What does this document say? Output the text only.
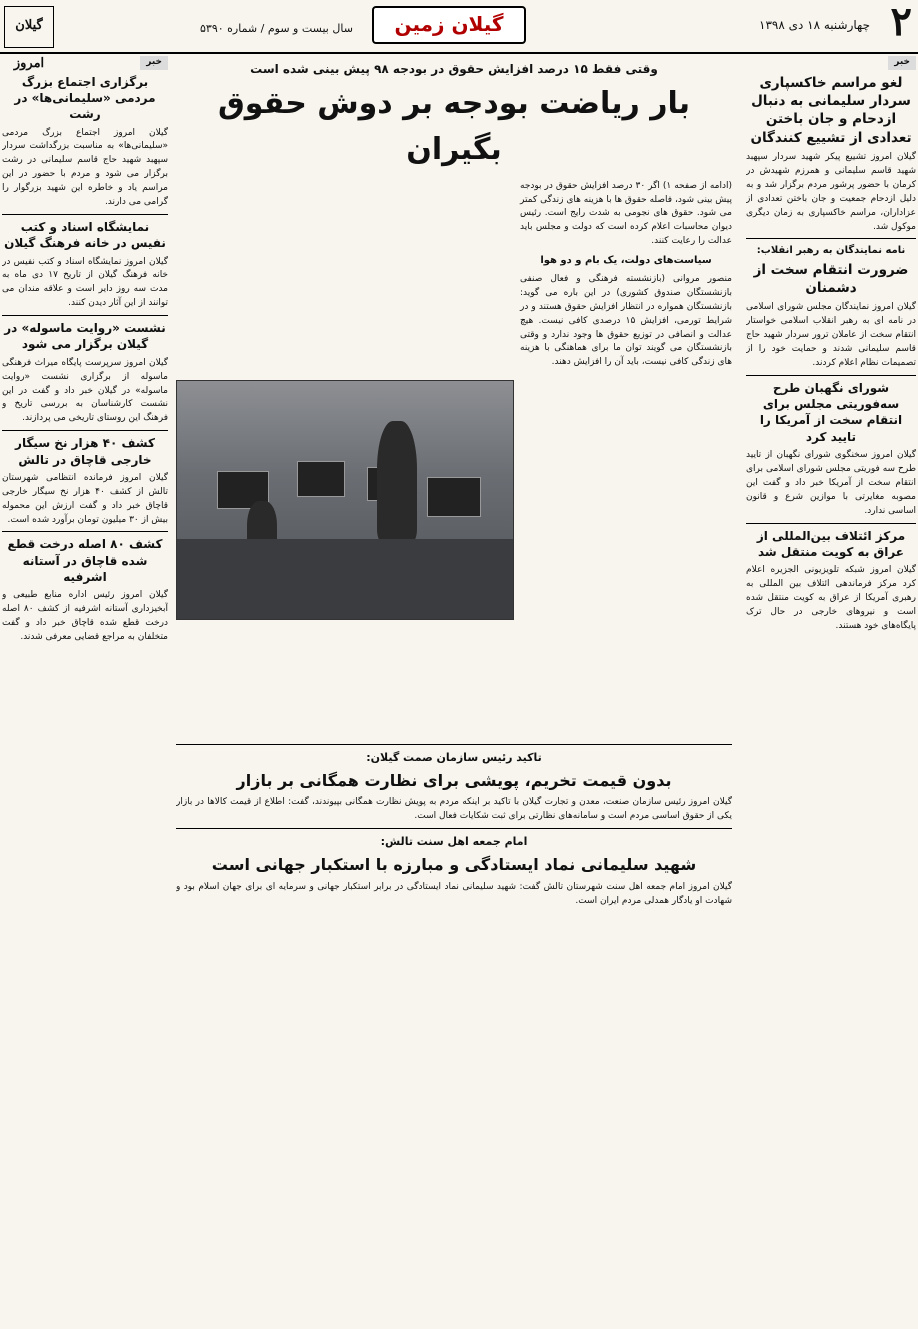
۲
چهارشنبه ۱۸ دی ۱۳۹۸
گیلان زمین
سال بیست و سوم / شماره ۵۳۹۰
گیلان امروز	خبر
لغو مراسم خاکسپاری سردار سلیمانی به دنبال ازدحام و جان باختن تعدادی از تشییع کنندگان

گیلان امروز تشییع پیکر شهید سردار سپهبد شهید قاسم سلیمانی و همرزم شهیدش در کرمان با حضور پرشور مردم برگزار شد و به دلیل ازدحام جمعیت و جان باختن تعدادی از عزاداران، مراسم خاکسپاری به زمان دیگری موکول شد.

نامه نمایندگان به رهبر انقلاب:
ضرورت انتقام سخت از دشمنان

گیلان امروز نمایندگان مجلس شورای اسلامی در نامه ای به رهبر انقلاب اسلامی خواستار انتقام سخت از عاملان ترور سردار شهید حاج قاسم سلیمانی شدند و حمایت خود را از تصمیمات نظام اعلام کردند.

شورای نگهبان طرح سه‌فوریتی مجلس برای انتقام سخت از آمریکا را تایید کرد

گیلان امروز سخنگوی شورای نگهبان از تایید طرح سه فوریتی مجلس شورای اسلامی برای انتقام سخت از آمریکا خبر داد و گفت این مصوبه مغایرتی با موازین شرع و قانون اساسی ندارد.

مرکز ائتلاف بین‌المللی از عراق به کویت منتقل شد

گیلان امروز شبکه تلویزیونی الجزیره اعلام کرد مرکز فرماندهی ائتلاف بین المللی به رهبری آمریکا از عراق به کویت منتقل شده است و نیروهای خارجی در حال ترک پایگاه‌های خود هستند.

خبر
برگزاری اجتماع بزرگ مردمی «سلیمانی‌ها» در رشت

گیلان امروز اجتماع بزرگ مردمی «سلیمانی‌ها» به مناسبت بزرگداشت سردار سپهبد شهید حاج قاسم سلیمانی در رشت برگزار می شود و مردم با حضور در این مراسم یاد و خاطره این شهید بزرگوار را گرامی می دارند.

نمایشگاه اسناد و کتب نفیس در خانه فرهنگ گیلان

گیلان امروز نمایشگاه اسناد و کتب نفیس در خانه فرهنگ گیلان از تاریخ ۱۷ دی ماه به مدت سه روز دایر است و علاقه مندان می توانند از این آثار دیدن کنند.

نشست «روایت ماسوله» در گیلان برگزار می شود

گیلان امروز سرپرست پایگاه میراث فرهنگی ماسوله از برگزاری نشست «روایت ماسوله» در گیلان خبر داد و گفت در این نشست کارشناسان به بررسی تاریخ و فرهنگ این روستای تاریخی می پردازند.

کشف ۴۰ هزار نخ سیگار خارجی قاچاق در تالش

گیلان امروز فرمانده انتظامی شهرستان تالش از کشف ۴۰ هزار نخ سیگار خارجی قاچاق خبر داد و گفت ارزش این محموله بیش از ۳۰ میلیون تومان برآورد شده است.

کشف ۸۰ اصله درخت قطع شده قاچاق در آستانه اشرفیه

گیلان امروز رئیس اداره منابع طبیعی و آبخیزداری آستانه اشرفیه از کشف ۸۰ اصله درخت قطع شده قاچاق خبر داد و گفت متخلفان به مراجع قضایی معرفی شدند.

وقتی فقط ۱۵ درصد افزایش حقوق در بودجه ۹۸ پیش بینی شده است
بار ریاضت بودجه بر دوش حقوق بگیران

(ادامه از صفحه ۱) اگر ۳۰ درصد افزایش حقوق در بودجه پیش بینی شود، فاصله حقوق ها با هزینه های زندگی کمتر می شود. حقوق های نجومی به شدت رایج است. رئیس دیوان محاسبات اعلام کرده است که دولت و مجلس باید عدالت را رعایت کنند.

سیاست‌های دولت، یک بام و دو هوا

منصور مروانی (بازنشسته فرهنگی و فعال صنفی بازنشستگان صندوق کشوری) در این باره می گوید: بازنشستگان همواره در انتظار افزایش حقوق هستند و در شرایط تورمی، افزایش ۱۵ درصدی کافی نیست. هیچ عدالت و انصافی در توزیع حقوق ها وجود ندارد و وقتی بازنشستگان می گویند توان ما برای هماهنگی با هزینه های زندگی کافی نیست، باید آن را افزایش دهند.

تاکید رئیس سازمان صمت گیلان:
بدون قیمت تخریم، پویشی برای نظارت همگانی بر بازار

گیلان امروز رئیس سازمان صنعت، معدن و تجارت گیلان با تاکید بر اینکه مردم به پویش نظارت همگانی بپیوندند، گفت: اطلاع از قیمت کالاها در بازار یکی از حقوق اساسی مردم است و سامانه‌های نظارتی برای ثبت شکایات فعال است.

امام جمعه اهل سنت تالش:
شهید سلیمانی نماد ایستادگی و مبارزه با استکبار جهانی است

گیلان امروز امام جمعه اهل سنت شهرستان تالش گفت: شهید سلیمانی نماد ایستادگی در برابر استکبار جهانی و سرمایه ای برای جهان اسلام بود و شهادت او یادگار همدلی مردم ایران است.
